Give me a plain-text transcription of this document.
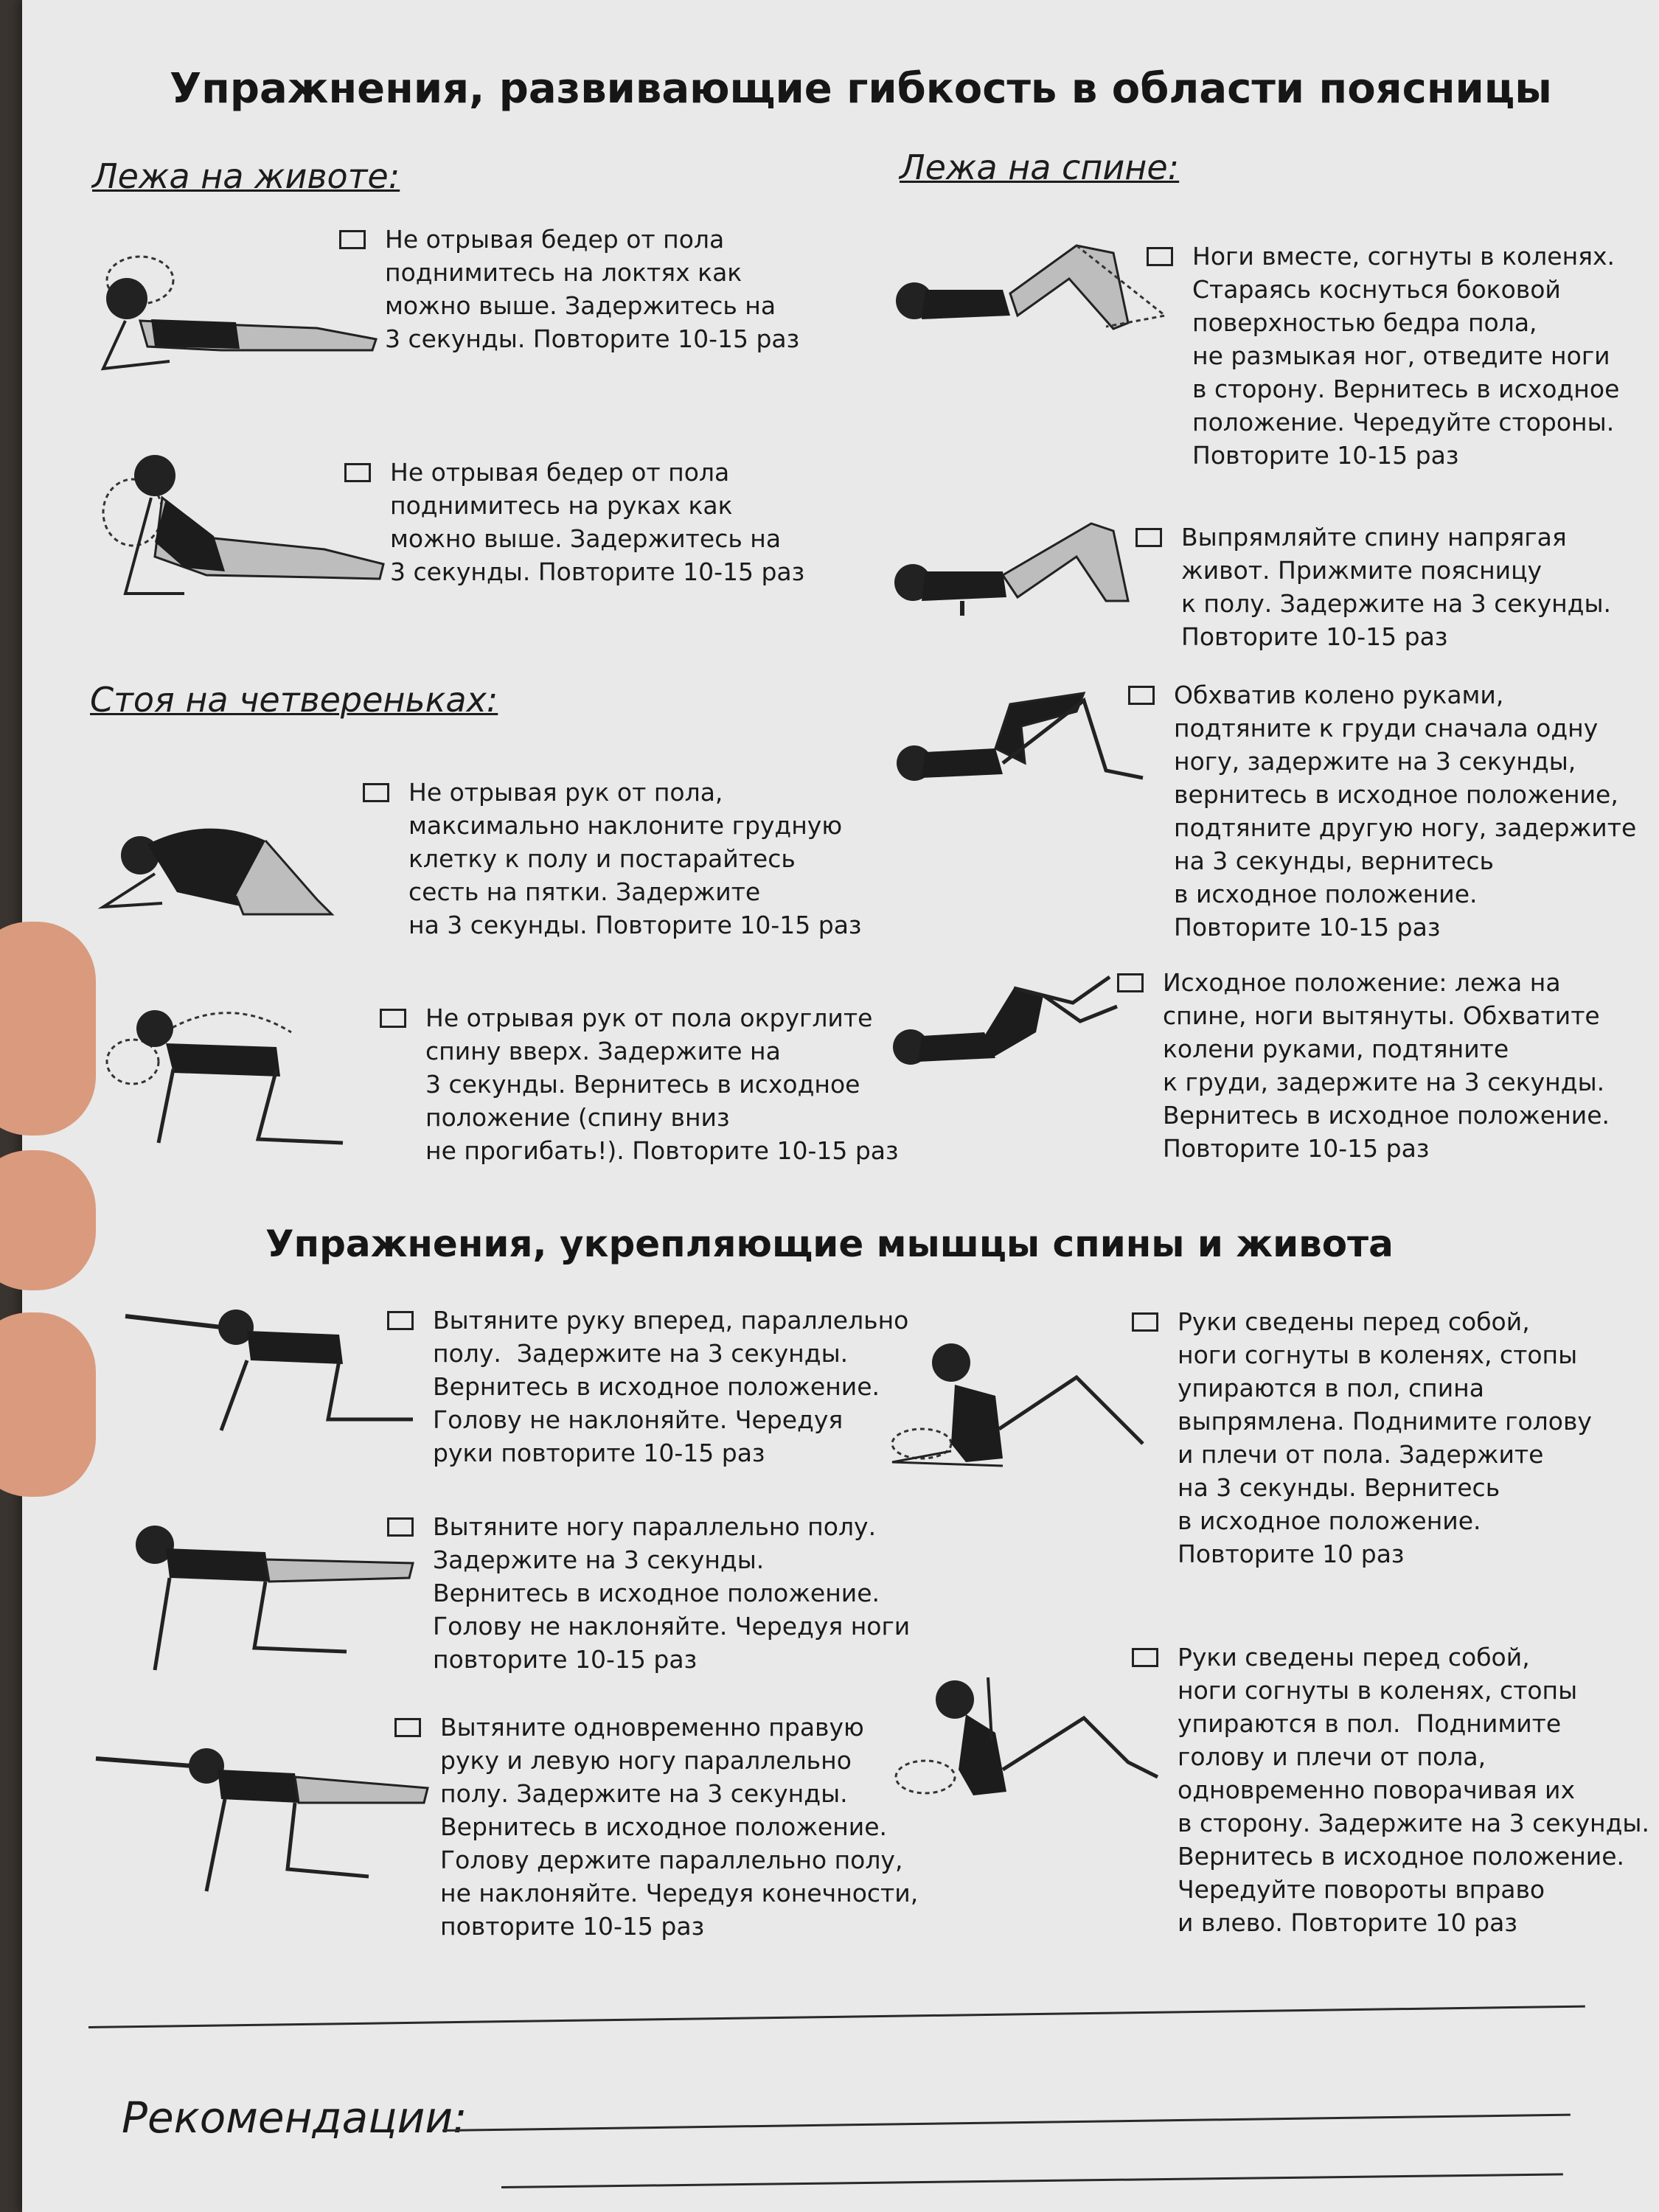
Упражнения, развивающие гибкость в области поясницы
Лежа на животе:

Не отрывая бедер от пола
поднимитесь на локтях как
можно выше. Задержитесь на
3 секунды. Повторите 10-15 раз

Не отрывая бедер от пола
поднимитесь на руках как
можно выше. Задержитесь на
3 секунды. Повторите 10-15 раз

Стоя на четвереньках:

Не отрывая рук от пола,
максимально наклоните грудную
клетку к полу и постарайтесь
сесть на пятки. Задержите
на 3 секунды. Повторите 10-15 раз

Не отрывая рук от пола округлите
спину вверх. Задержите на
3 секунды. Вернитесь в исходное
положение (спину вниз
не прогибать!). Повторите 10-15 раз

Лежа на спине:

Ноги вместе, согнуты в коленях.
Стараясь коснуться боковой
поверхностью бедра пола,
не размыкая ног, отведите ноги
в сторону. Вернитесь в исходное
положение. Чередуйте стороны.
Повторите 10-15 раз

Выпрямляйте спину напрягая
живот. Прижмите поясницу
к полу. Задержите на 3 секунды.
Повторите 10-15 раз

Обхватив колено руками,
подтяните к груди сначала одну
ногу, задержите на 3 секунды,
вернитесь в исходное положение,
подтяните другую ногу, задержите
на 3 секунды, вернитесь
в исходное положение.
Повторите 10-15 раз

Исходное положение: лежа на
спине, ноги вытянуты. Обхватите
колени руками, подтяните
к груди, задержите на 3 секунды.
Вернитесь в исходное положение.
Повторите 10-15 раз

Упражнения, укрепляющие мышцы спины и живота

Вытяните руку вперед, параллельно
полу.  Задержите на 3 секунды.
Вернитесь в исходное положение.
Голову не наклоняйте. Чередуя
руки повторите 10-15 раз

Вытяните ногу параллельно полу.
Задержите на 3 секунды.
Вернитесь в исходное положение.
Голову не наклоняйте. Чередуя ноги
повторите 10-15 раз

Вытяните одновременно правую
руку и левую ногу параллельно
полу. Задержите на 3 секунды.
Вернитесь в исходное положение.
Голову держите параллельно полу,
не наклоняйте. Чередуя конечности,
повторите 10-15 раз

Руки сведены перед собой,
ноги согнуты в коленях, стопы
упираются в пол, спина
выпрямлена. Поднимите голову
и плечи от пола. Задержите
на 3 секунды. Вернитесь
в исходное положение.
Повторите 10 раз

Руки сведены перед собой,
ноги согнуты в коленях, стопы
упираются в пол.  Поднимите
голову и плечи от пола,
одновременно поворачивая их
в сторону. Задержите на 3 секунды.
Вернитесь в исходное положение.
Чередуйте повороты вправо
и влево. Повторите 10 раз

Рекомендации:
